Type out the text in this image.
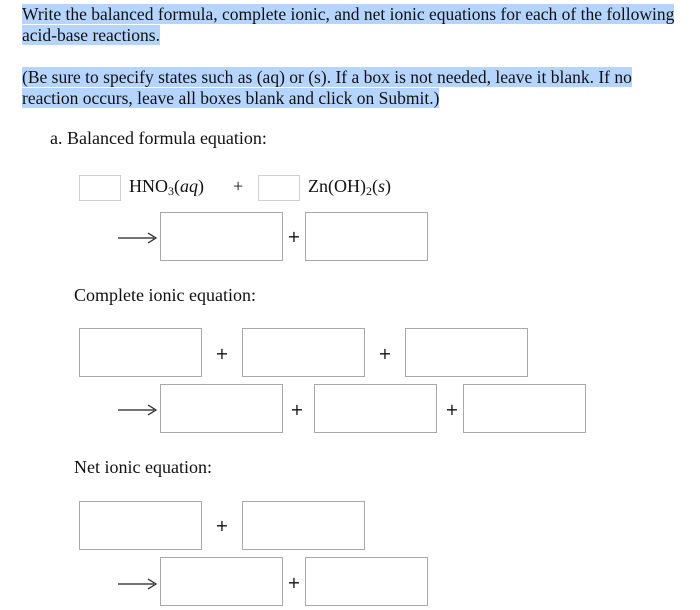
Write the balanced formula, complete ionic, and net ionic equations for each of the following acid-base reactions.

(Be sure to specify states such as (aq) or (s). If a box is not needed, leave it blank. If no reaction occurs, leave all boxes blank and click on Submit.)

a. Balanced formula equation:
$HNO_3(aq)$ +	$Zn(OH)_2(s)$
+
Complete ionic equation:
+	+
+	+
Net ionic equation:
+
+
